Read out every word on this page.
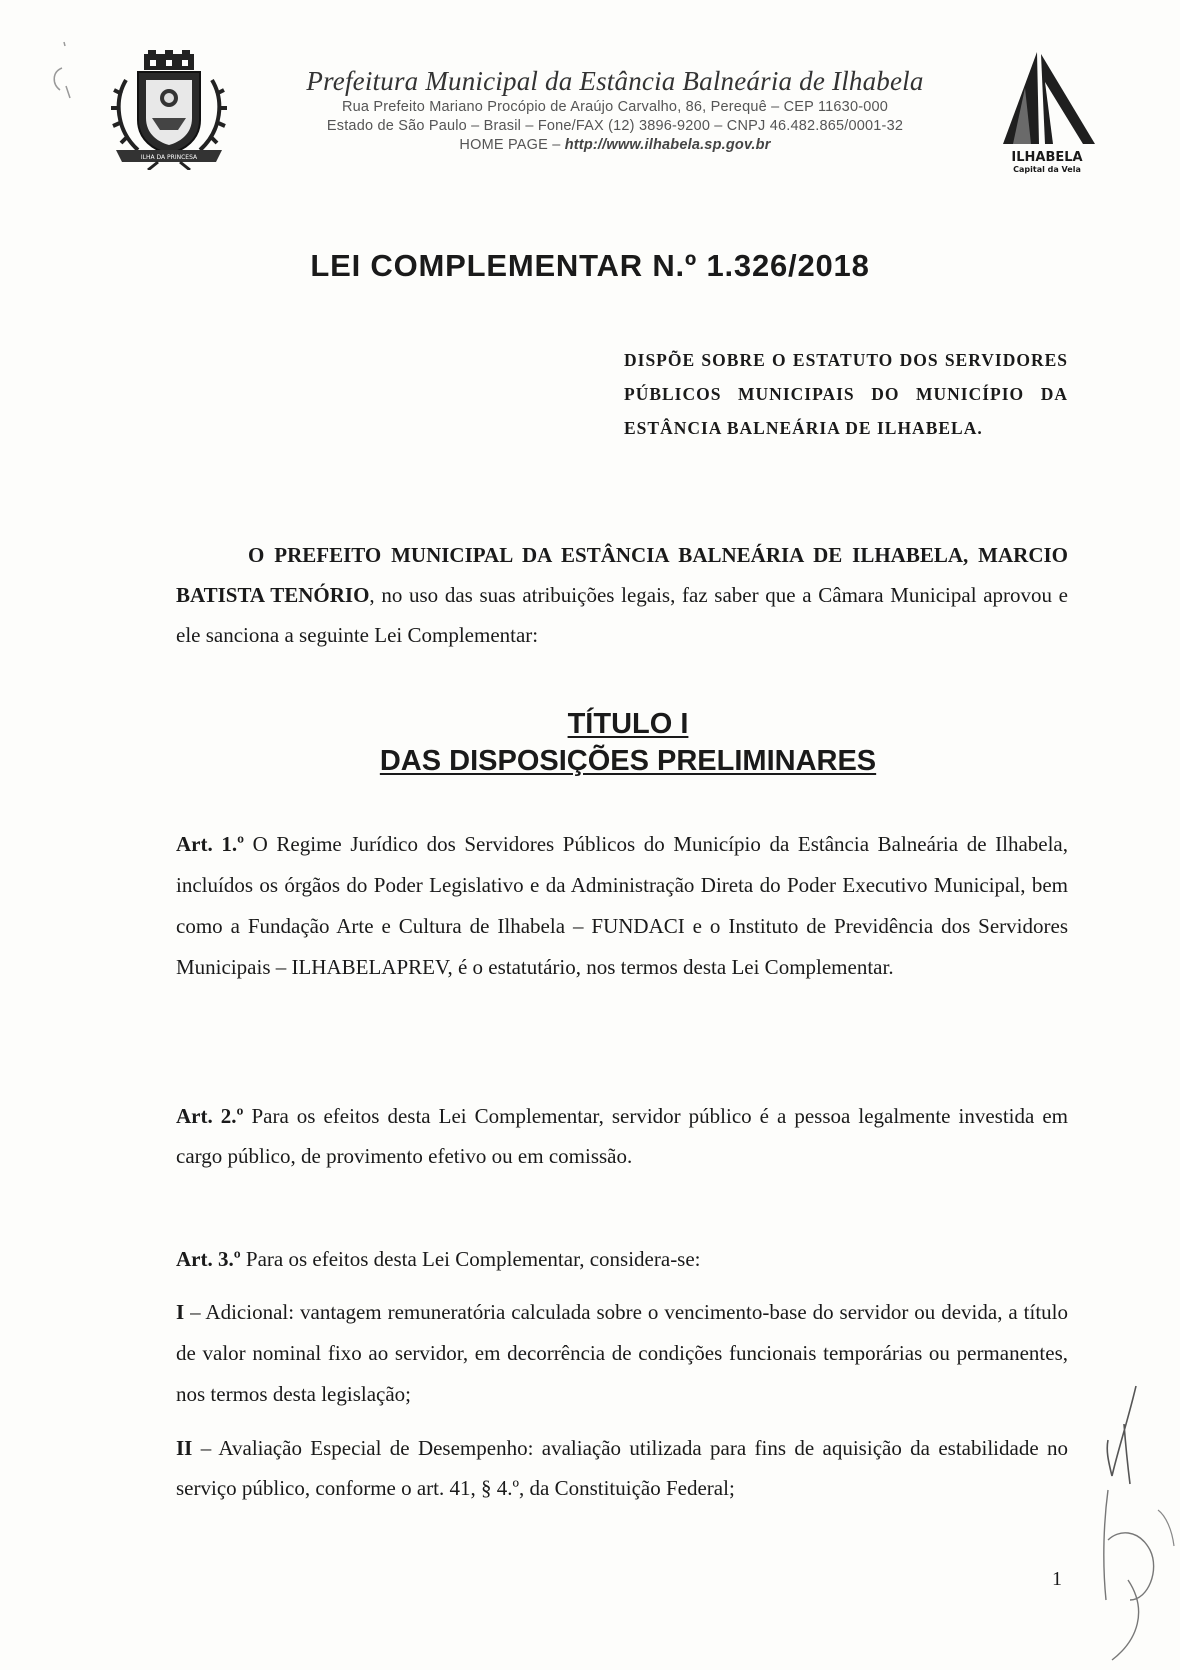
ILHA DA PRINCESA

Prefeitura Municipal da Estância Balneária de Ilhabela

Rua Prefeito Mariano Procópio de Araújo Carvalho, 86, Perequê – CEP 11630-000

Estado de São Paulo – Brasil – Fone/FAX (12) 3896-9200 – CNPJ 46.482.865/0001-32

HOME PAGE – http://www.ilhabela.sp.gov.br

ILHABELA
Capital da Vela
LEI COMPLEMENTAR N.º 1.326/2018

DISPÕE SOBRE O ESTATUTO DOS SERVIDORES PÚBLICOS MUNICIPAIS DO MUNICÍPIO DA ESTÂNCIA BALNEÁRIA DE ILHABELA.

O PREFEITO MUNICIPAL DA ESTÂNCIA BALNEÁRIA DE ILHABELA, MARCIO BATISTA TENÓRIO, no uso das suas atribuições legais, faz saber que a Câmara Municipal aprovou e ele sanciona a seguinte Lei Complementar:

TÍTULO I
DAS DISPOSIÇÕES PRELIMINARES

Art. 1.º O Regime Jurídico dos Servidores Públicos do Município da Estância Balneária de Ilhabela, incluídos os órgãos do Poder Legislativo e da Administração Direta do Poder Executivo Municipal, bem como a Fundação Arte e Cultura de Ilhabela – FUNDACI e o Instituto de Previdência dos Servidores Municipais – ILHABELAPREV, é o estatutário, nos termos desta Lei Complementar.

Art. 2.º Para os efeitos desta Lei Complementar, servidor público é a pessoa legalmente investida em cargo público, de provimento efetivo ou em comissão.

Art. 3.º Para os efeitos desta Lei Complementar, considera-se:

I – Adicional: vantagem remuneratória calculada sobre o vencimento-base do servidor ou devida, a título de valor nominal fixo ao servidor, em decorrência de condições funcionais temporárias ou permanentes, nos termos desta legislação;

II – Avaliação Especial de Desempenho: avaliação utilizada para fins de aquisição da estabilidade no serviço público, conforme o art. 41, § 4.º, da Constituição Federal;

1
